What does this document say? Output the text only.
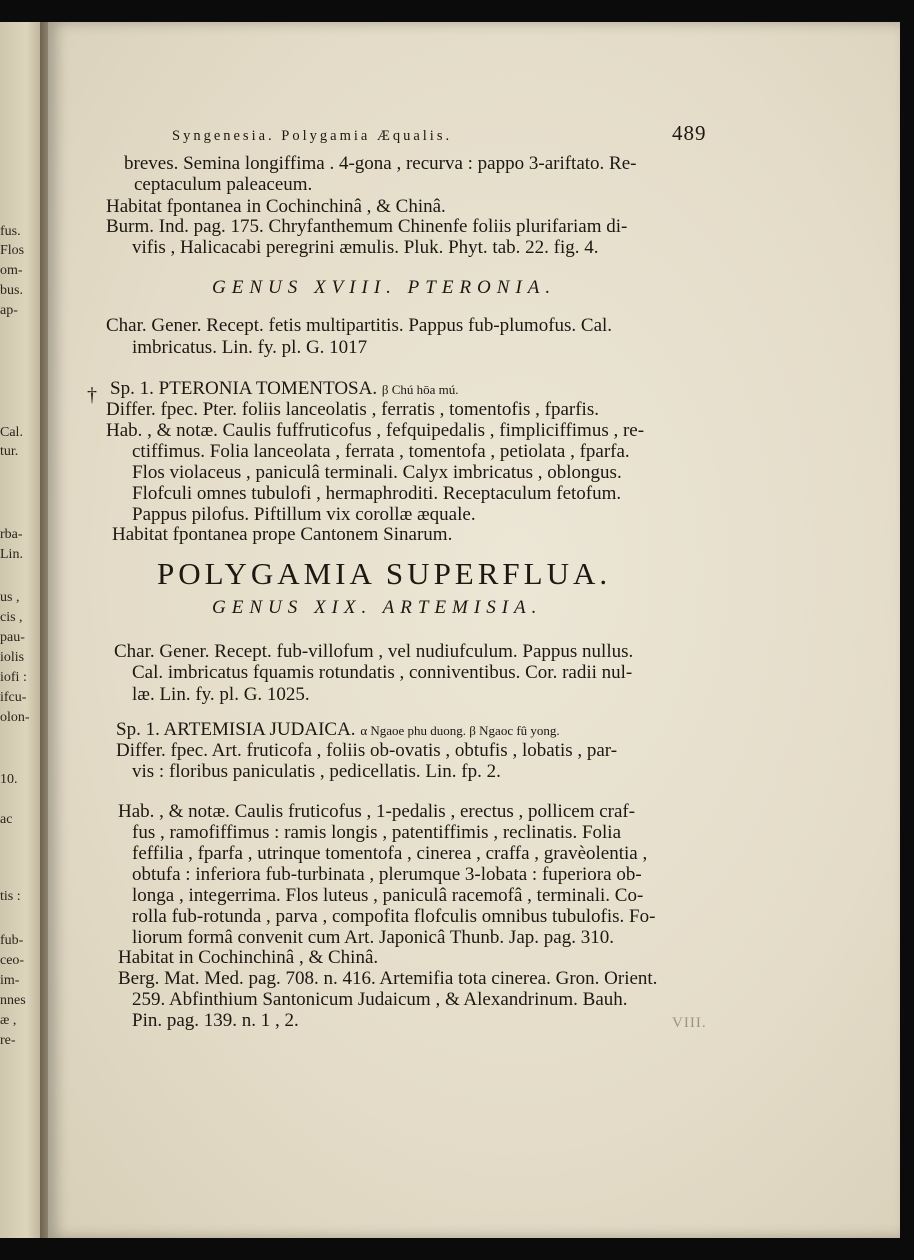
fus.
Flos
om-
bus.
ap-
Cal.
tur.
rba-
Lin.
us ,
cis ,
pau-
iolis
iofi :
ifcu-
olon-
10.
ac
tis :
fub-
ceo-
im-
nnes
æ ,
re-
Syngenesia. Polygamia Æqualis.	489
breves. Semina longiffima . 4-gona , recurva : pappo 3-ariftato. Re-
ceptaculum paleaceum.
Habitat fpontanea in Cochinchinâ , & Chinâ.
Burm. Ind. pag. 175. Chryfanthemum Chinenfe foliis plurifariam di-
vifis , Halicacabi peregrini æmulis. Pluk. Phyt. tab. 22. fig. 4.
Char. Gener. Recept. fetis multipartitis. Pappus fub-plumofus. Cal.
imbricatus. Lin. fy. pl. G. 1017
Differ. fpec. Pter. foliis lanceolatis , ferratis , tomentofis , fparfis.
Hab. , & notæ. Caulis fuffruticofus , fefquipedalis , fimpliciffimus , re-
ctiffimus. Folia lanceolata , ferrata , tomentofa , petiolata , fparfa.
Flos violaceus , paniculâ terminali. Calyx imbricatus , oblongus.
Flofculi omnes tubulofi , hermaphroditi. Receptaculum fetofum.
Pappus pilofus. Piftillum vix corollæ æquale.
Habitat fpontanea prope Cantonem Sinarum.
Char. Gener. Recept. fub-villofum , vel nudiufculum. Pappus nullus.
Cal. imbricatus fquamis rotundatis , conniventibus. Cor. radii nul-
læ. Lin. fy. pl. G. 1025.
Differ. fpec. Art. fruticofa , foliis ob-ovatis , obtufis , lobatis , par-
vis : floribus paniculatis , pedicellatis. Lin. fp. 2.
Hab. , & notæ. Caulis fruticofus , 1-pedalis , erectus , pollicem craf-
fus , ramofiffimus : ramis longis , patentiffimis , reclinatis. Folia
feffilia , fparfa , utrinque tomentofa , cinerea , craffa , gravèolentia ,
obtufa : inferiora fub-turbinata , plerumque 3-lobata : fuperiora ob-
longa , integerrima. Flos luteus , paniculâ racemofâ , terminali. Co-
rolla fub-rotunda , parva , compofita flofculis omnibus tubulofis. Fo-
liorum formâ convenit cum Art. Japonicâ Thunb. Jap. pag. 310.
Habitat in Cochinchinâ , & Chinâ.
Berg. Mat. Med. pag. 708. n. 416. Artemifia tota cinerea. Gron. Orient.
259. Abfinthium Santonicum Judaicum , & Alexandrinum. Bauh.
Pin. pag. 139. n. 1 , 2.
GENUS XVIII. PTERONIA.
† Sp. 1. PTERONIA TOMENTOSA. β Chú hōa mú.
POLYGAMIA SUPERFLUA.
GENUS XIX. ARTEMISIA.
Sp. 1. ARTEMISIA JUDAICA. α Ngaoe phu duong. β Ngaoc fû yong.
VIII.
